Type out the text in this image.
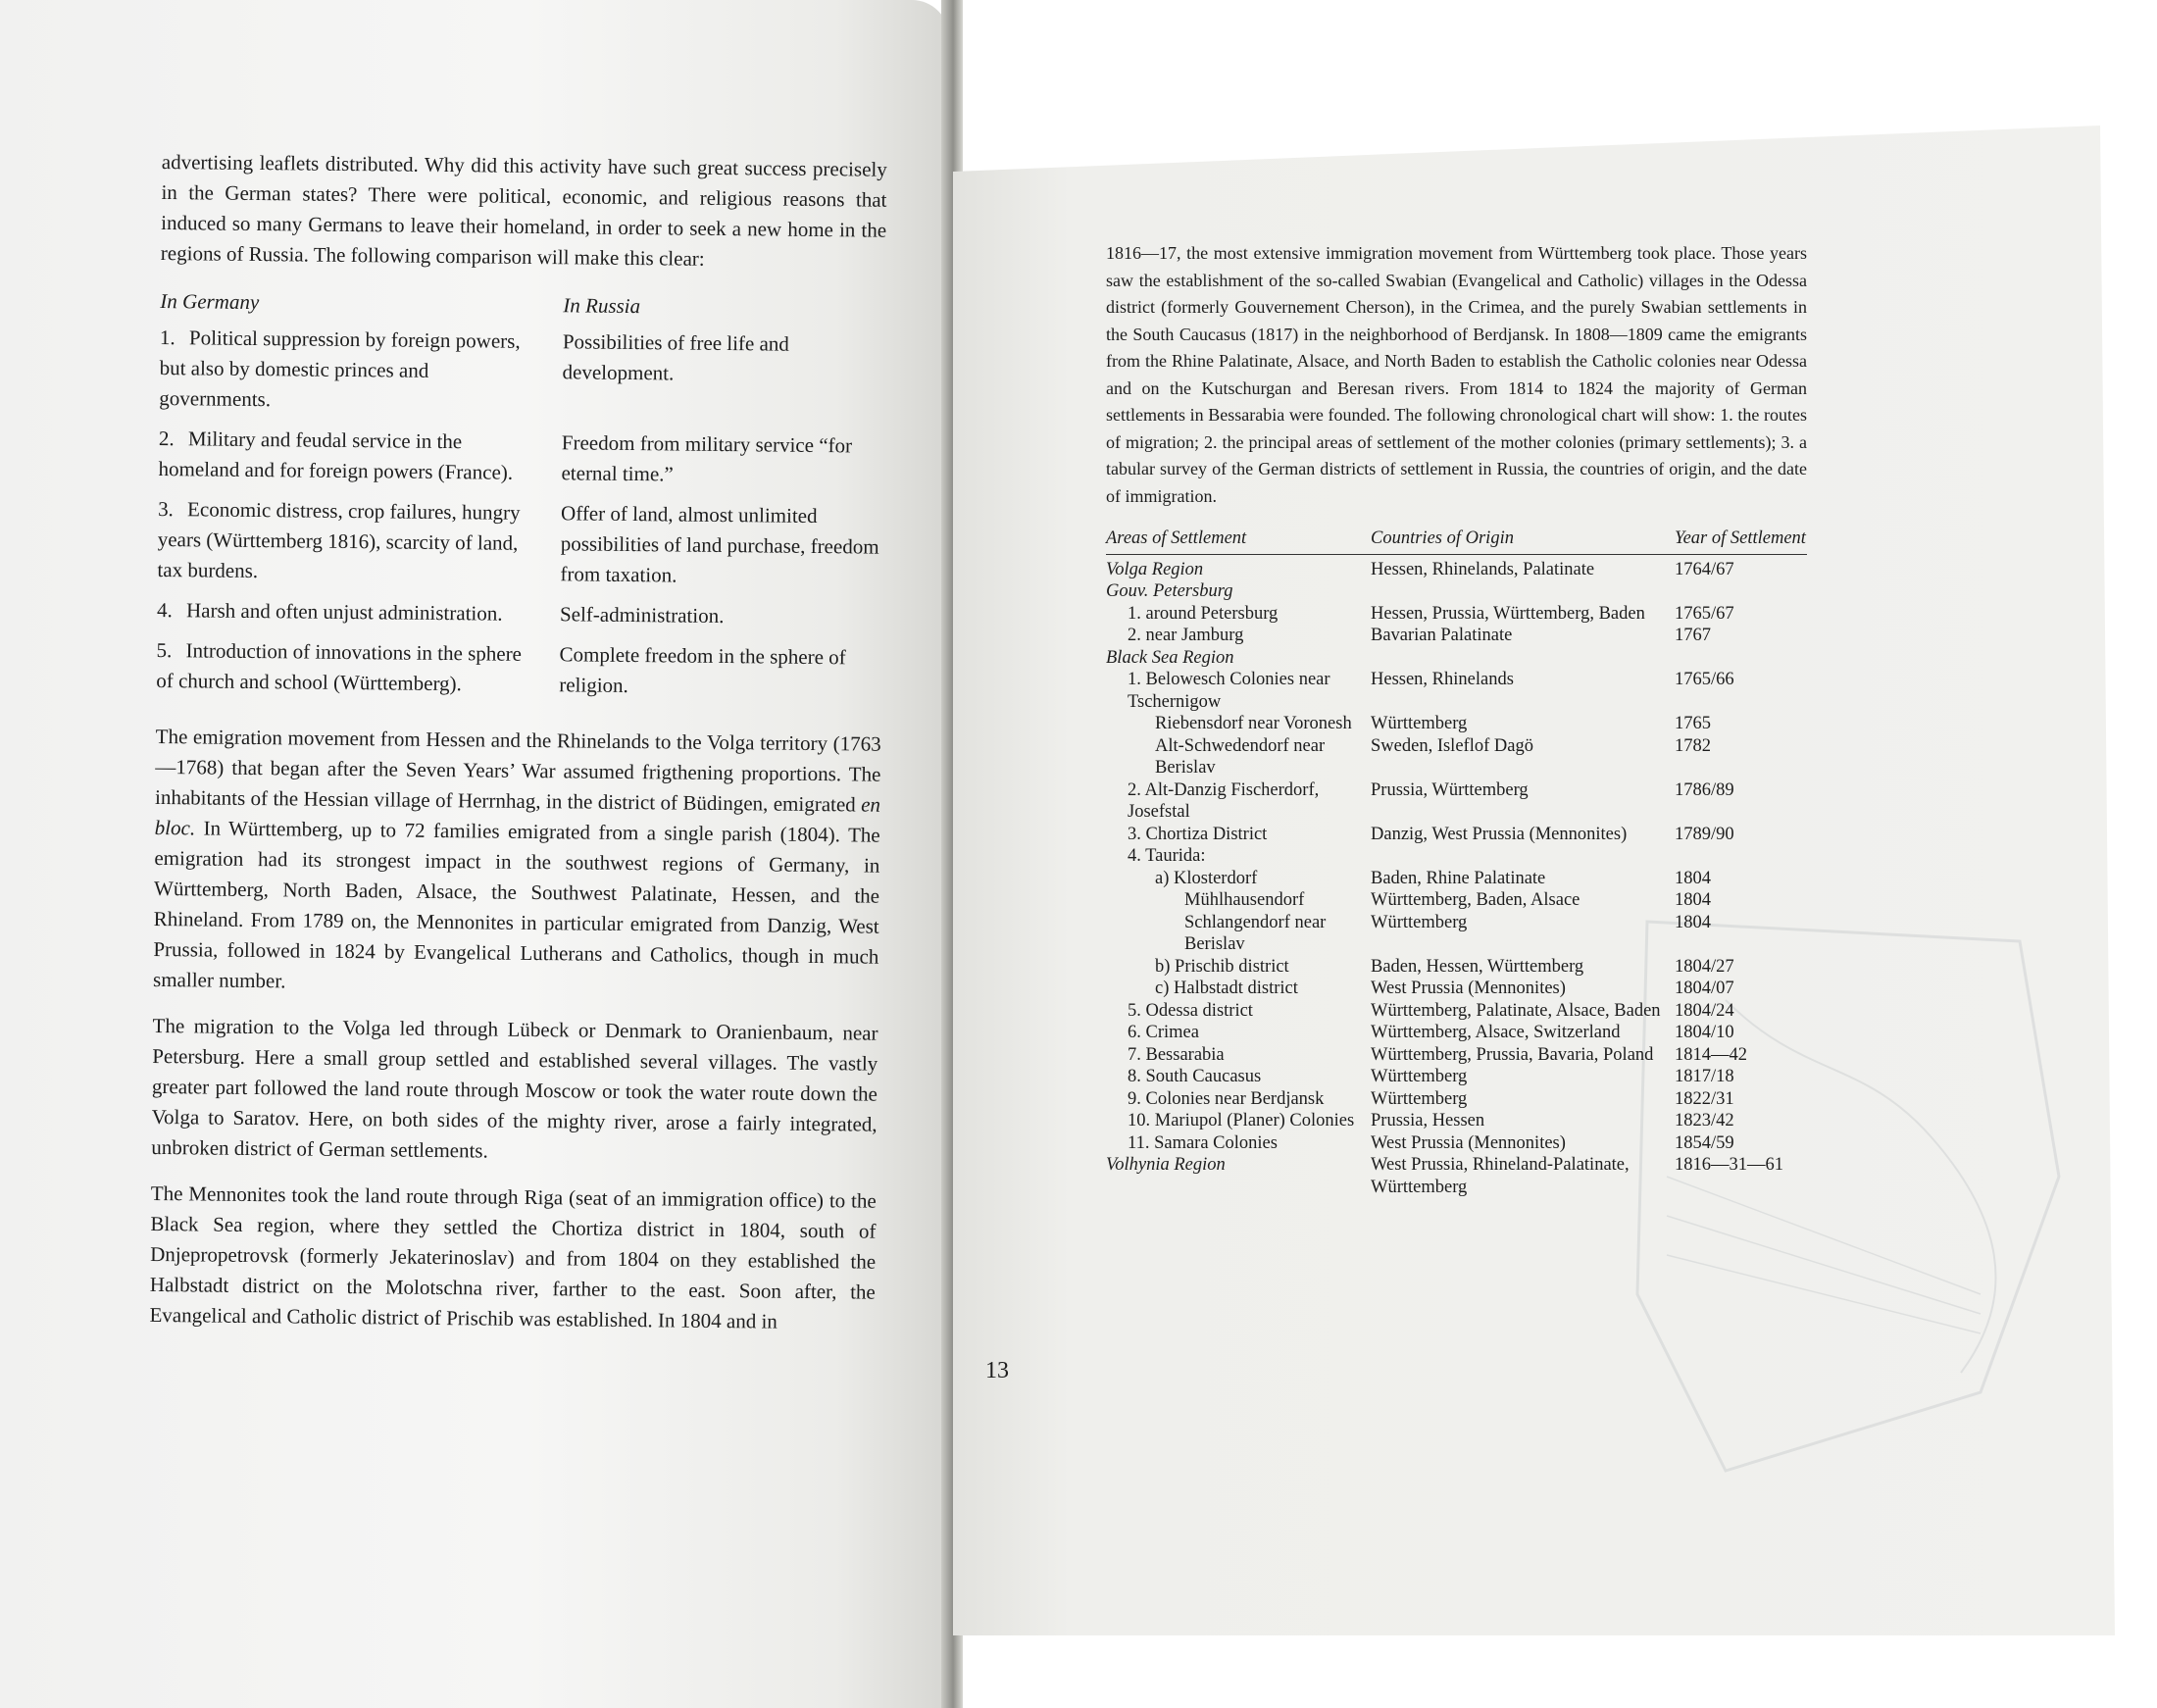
advertising leaflets distributed. Why did this activity have such great success precisely in the German states? There were political, economic, and religious reasons that induced so many Germans to leave their homeland, in order to seek a new home in the regions of Russia. The following comparison will make this clear:

In Germany	In Russia
1. Political suppression by foreign powers, but also by domestic princes and governments.	Possibilities of free life and development.
2. Military and feudal service in the homeland and for foreign powers (France).	Freedom from military service “for eternal time.”
3. Economic distress, crop failures, hungry years (Württemberg 1816), scarcity of land, tax burdens.	Offer of land, almost unlimited possibilities of land purchase, freedom from taxation.
4. Harsh and often unjust administration.	Self-administration.
5. Introduction of innovations in the sphere of church and school (Württemberg).	Complete freedom in the sphere of religion.

The emigration movement from Hessen and the Rhinelands to the Volga territory (1763—1768) that began after the Seven Years’ War assumed frigthening proportions. The inhabitants of the Hessian village of Herrnhag, in the district of Büdingen, emigrated en bloc. In Württemberg, up to 72 families emigrated from a single parish (1804). The emigration had its strongest impact in the southwest regions of Germany, in Württemberg, North Baden, Alsace, the Southwest Palatinate, Hessen, and the Rhineland. From 1789 on, the Mennonites in particular emigrated from Danzig, West Prussia, followed in 1824 by Evangelical Lutherans and Catholics, though in much smaller number.

The migration to the Volga led through Lübeck or Denmark to Oranienbaum, near Petersburg. Here a small group settled and established several villages. The vastly greater part followed the land route through Moscow or took the water route down the Volga to Saratov. Here, on both sides of the mighty river, arose a fairly integrated, unbroken district of German settlements.

The Mennonites took the land route through Riga (seat of an immigration office) to the Black Sea region, where they settled the Chortiza district in 1804, south of Dnjepropetrovsk (formerly Jekaterinoslav) and from 1804 on they established the Halbstadt district on the Molotschna river, farther to the east. Soon after, the Evangelical and Catholic district of Prischib was established. In 1804 and in

13

1816—17, the most extensive immigration movement from Württemberg took place. Those years saw the establishment of the so-called Swabian (Evangelical and Catholic) villages in the Odessa district (formerly Gouvernement Cherson), in the Crimea, and the purely Swabian settlements in the South Caucasus (1817) in the neighborhood of Berdjansk. In 1808—1809 came the emigrants from the Rhine Palatinate, Alsace, and North Baden to establish the Catholic colonies near Odessa and on the Kutschurgan and Beresan rivers. From 1814 to 1824 the majority of German settlements in Bessarabia were founded. The following chronological chart will show: 1. the routes of migration; 2. the principal areas of settlement of the mother colonies (primary settlements); 3. a tabular survey of the German districts of settlement in Russia, the countries of origin, and the date of immigration.

Areas of Settlement	Countries of Origin	Year of Settlement
Volga Region	Hessen, Rhinelands, Palatinate	1764/67
Gouv. Petersburg		
1. around Petersburg	Hessen, Prussia, Württemberg, Baden	1765/67
2. near Jamburg	Bavarian Palatinate	1767
Black Sea Region		
1. Belowesch Colonies near Tschernigow	Hessen, Rhinelands	1765/66
Riebensdorf near Voronesh	Württemberg	1765
Alt-Schwedendorf near Berislav	Sweden, Isleflof Dagö	1782
2. Alt-Danzig Fischerdorf, Josefstal	Prussia, Württemberg	1786/89
3. Chortiza District	Danzig, West Prussia (Mennonites)	1789/90
4. Taurida:		
a) Klosterdorf	Baden, Rhine Palatinate	1804
Mühlhausendorf	Württemberg, Baden, Alsace	1804
Schlangendorf near Berislav	Württemberg	1804
b) Prischib district	Baden, Hessen, Württemberg	1804/27
c) Halbstadt district	West Prussia (Mennonites)	1804/07
5. Odessa district	Württemberg, Palatinate, Alsace, Baden	1804/24
6. Crimea	Württemberg, Alsace, Switzerland	1804/10
7. Bessarabia	Württemberg, Prussia, Bavaria, Poland	1814—42
8. South Caucasus	Württemberg	1817/18
9. Colonies near Berdjansk	Württemberg	1822/31
10. Mariupol (Planer) Colonies	Prussia, Hessen	1823/42
11. Samara Colonies	West Prussia (Mennonites)	1854/59
Volhynia Region	West Prussia, Rhineland-Palatinate, Württemberg	1816—31—61
